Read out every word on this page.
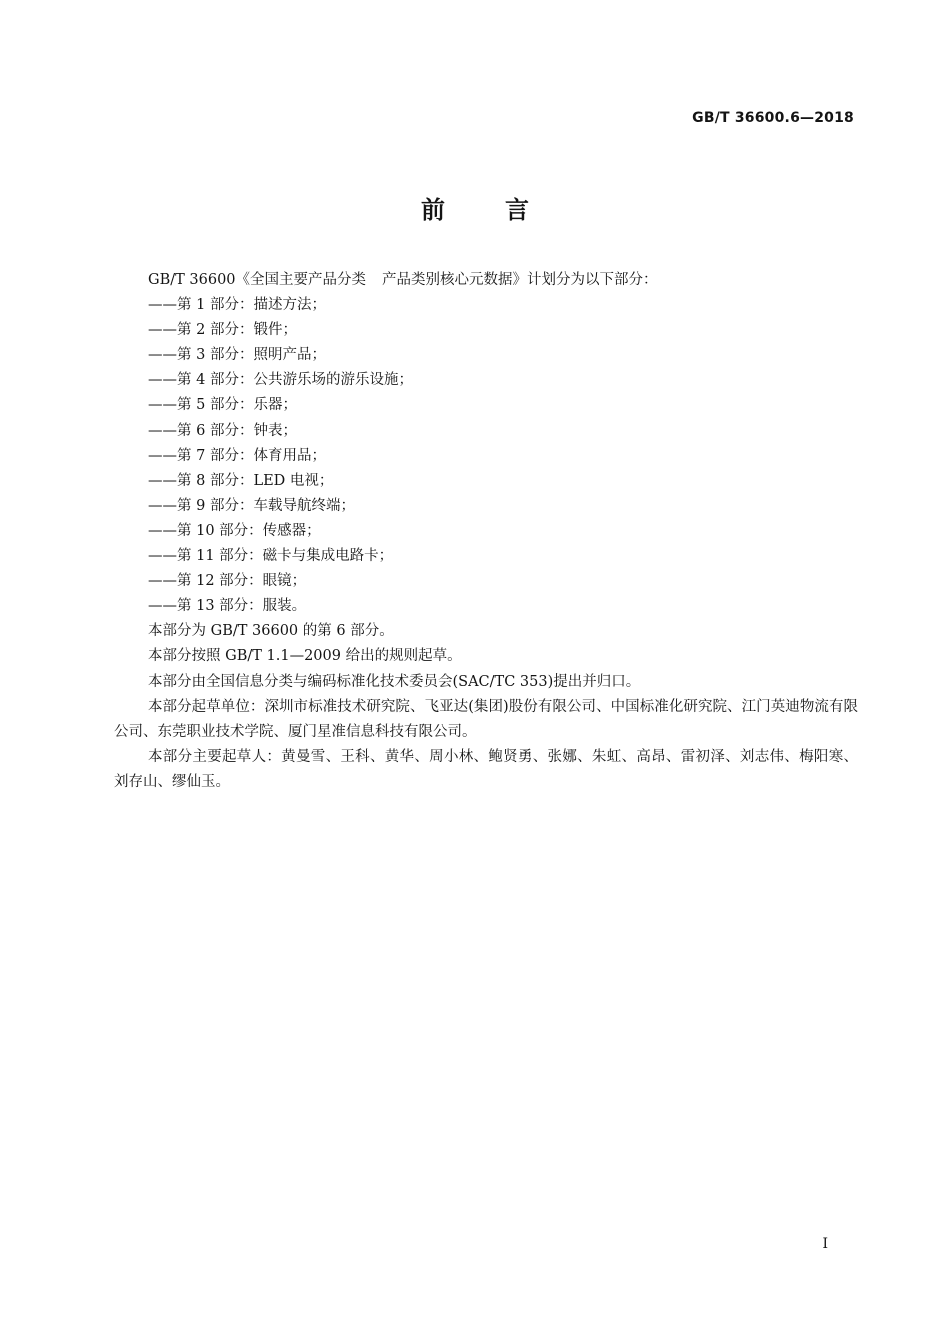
GB/T 36600.6—2018
前言
GB/T 36600《全国主要产品分类 产品类别核心元数据》计划分为以下部分：
——第 1 部分：描述方法；
——第 2 部分：锻件；
——第 3 部分：照明产品；
——第 4 部分：公共游乐场的游乐设施；
——第 5 部分：乐器；
——第 6 部分：钟表；
——第 7 部分：体育用品；
——第 8 部分：LED 电视；
——第 9 部分：车载导航终端；
——第 10 部分：传感器；
——第 11 部分：磁卡与集成电路卡；
——第 12 部分：眼镜；
——第 13 部分：服装。

本部分为 GB/T 36600 的第 6 部分。

本部分按照 GB/T 1.1—2009 给出的规则起草。

本部分由全国信息分类与编码标准化技术委员会(SAC/TC 353)提出并归口。

本部分起草单位：深圳市标准技术研究院、飞亚达(集团)股份有限公司、中国标准化研究院、江门英迪物流有限公司、东莞职业技术学院、厦门星准信息科技有限公司。

本部分主要起草人：黄曼雪、王科、黄华、周小林、鲍贤勇、张娜、朱虹、高昂、雷初泽、刘志伟、梅阳寒、刘存山、缪仙玉。

I
